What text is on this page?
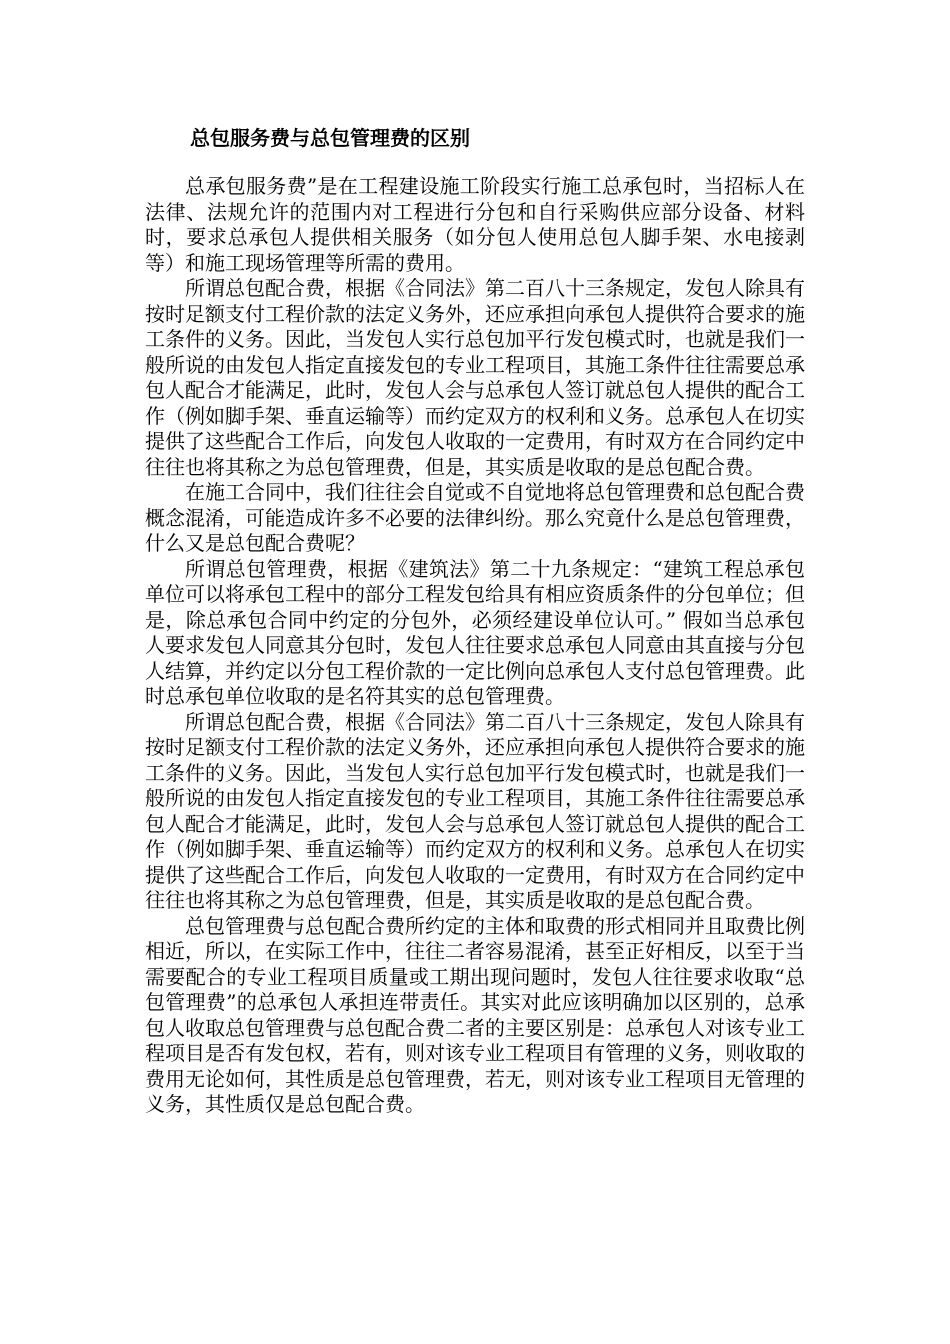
总包服务费与总包管理费的区别

总承包服务费”是在工程建设施工阶段实行施工总承包时，当招标人在法律、法规允许的范围内对工程进行分包和自行采购供应部分设备、材料时，要求总承包人提供相关服务（如分包人使用总包人脚手架、水电接剥等）和施工现场管理等所需的费用。

所谓总包配合费，根据《合同法》第二百八十三条规定，发包人除具有按时足额支付工程价款的法定义务外，还应承担向承包人提供符合要求的施工条件的义务。因此，当发包人实行总包加平行发包模式时，也就是我们一般所说的由发包人指定直接发包的专业工程项目，其施工条件往往需要总承包人配合才能满足，此时，发包人会与总承包人签订就总包人提供的配合工作（例如脚手架、垂直运输等）而约定双方的权利和义务。总承包人在切实提供了这些配合工作后，向发包人收取的一定费用，有时双方在合同约定中往往也将其称之为总包管理费，但是，其实质是收取的是总包配合费。

在施工合同中，我们往往会自觉或不自觉地将总包管理费和总包配合费概念混淆，可能造成许多不必要的法律纠纷。那么究竟什么是总包管理费，什么又是总包配合费呢？

所谓总包管理费，根据《建筑法》第二十九条规定：“建筑工程总承包单位可以将承包工程中的部分工程发包给具有相应资质条件的分包单位；但是，除总承包合同中约定的分包外，必须经建设单位认可。” 假如当总承包人要求发包人同意其分包时，发包人往往要求总承包人同意由其直接与分包人结算，并约定以分包工程价款的一定比例向总承包人支付总包管理费。此时总承包单位收取的是名符其实的总包管理费。

所谓总包配合费，根据《合同法》第二百八十三条规定，发包人除具有按时足额支付工程价款的法定义务外，还应承担向承包人提供符合要求的施工条件的义务。因此，当发包人实行总包加平行发包模式时，也就是我们一般所说的由发包人指定直接发包的专业工程项目，其施工条件往往需要总承包人配合才能满足，此时，发包人会与总承包人签订就总包人提供的配合工作（例如脚手架、垂直运输等）而约定双方的权利和义务。总承包人在切实提供了这些配合工作后，向发包人收取的一定费用，有时双方在合同约定中往往也将其称之为总包管理费，但是，其实质是收取的是总包配合费。

总包管理费与总包配合费所约定的主体和取费的形式相同并且取费比例相近，所以，在实际工作中，往往二者容易混淆，甚至正好相反，以至于当需要配合的专业工程项目质量或工期出现问题时，发包人往往要求收取“总包管理费”的总承包人承担连带责任。其实对此应该明确加以区别的，总承包人收取总包管理费与总包配合费二者的主要区别是：总承包人对该专业工程项目是否有发包权，若有，则对该专业工程项目有管理的义务，则收取的费用无论如何，其性质是总包管理费，若无，则对该专业工程项目无管理的义务，其性质仅是总包配合费。
